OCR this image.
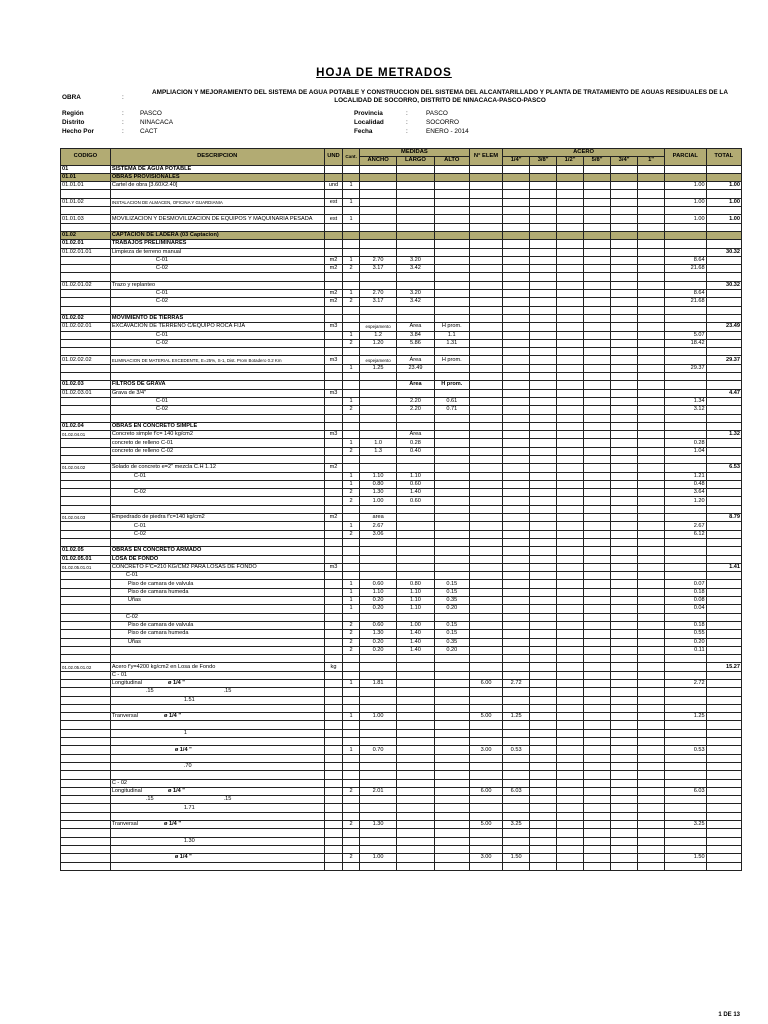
HOJA DE METRADOS
OBRA	:
AMPLIACION Y MEJORAMIENTO DEL SISTEMA DE AGUA POTABLE Y CONSTRUCCION DEL SISTEMA DEL ALCANTARILLADO Y PLANTA DE TRATAMIENTO DE AGUAS RESIDUALES DE LA LOCALIDAD DE SOCORRO, DISTRITO DE NINACACA-PASCO-PASCO
Región	:	PASCO
Distrito	:	NINACACA
Hecho Por	:	CACT
Provincia	:	PASCO
Localidad	:	SOCORRO
Fecha	:	ENERO - 2014
CODIGO	DESCRIPCION	UND	Cant.	MEDIDAS			N° ELEM	ACERO						PARCIAL	TOTAL
				ANCHO	LARGO	ALTO		1/4"	3/8"	1/2"	5/8"	3/4"	1"		
01	SISTEMA DE AGUA POTABLE														
01.01	OBRAS PROVISIONALES														
01.01.01	Cartel de obra [3.60X2.40]	und	1											1.00	1.00

01.01.02	INSTALACION DE ALMACEN, OFICINA Y GUARDIANIA	est	1											1.00	1.00

01.01.03	MOVILIZACION Y DESMOVILIZACION DE EQUIPOS Y MAQUINARIA PESADA	est	1											1.00	1.00

01.02	CAPTACION DE LADERA (03 Captacion)														
01.02.01	TRABAJOS PRELIMINARES														
01.02.01.01	Limpieza de terreno manual														30.32
	C-01	m2	1	2.70	3.20									8.64	
	C-02	m2	2	3.17	3.42									21.68	

01.02.01.02	Trazo y replanteo														30.32
	C-01	m2	1	2.70	3.20									8.64	
	C-02	m2	2	3.17	3.42									21.68	

01.02.02	MOVIMIENTO DE TIERRAS														
01.02.02.01	EXCAVACIÓN DE TERRENO C/EQUIPO ROCA FIJA	m3		espejamento	Área	H prom.									23.49
	C-01		1	1.2	3.84	1.1								5.07	
	C-02		2	1.20	5.86	1.31								18.42	

01.02.02.02	ELIMINACION DE MATERIAL EXCEDENTE, E=25%, S-1, Dist. Prom Botadero 0.2 Km	m3		espejamento	Área	H prom.									29.37
			1	1.25	23.49									29.37	

01.02.03	FILTROS DE GRAVA				Área	H prom.									
01.02.03.01	Grava de 3/4"	m3													4.47
	C-01		1		2.20	0.61								1.34	
	C-02		2		2.20	0.71								3.12	

01.02.04	OBRAS EN CONCRETO SIMPLE														
01.02.04.01	Concreto simple f'c= 140 kg/cm2	m3			Área										1.32
	concreto de relleno C-01		1	1.0	0.28									0.28	
	concreto de relleno C-02		2	1.3	0.40									1.04	

01.02.04.02	Solado de concreto e=2" mezcla C.H 1.12	m2													6.53
	C-01		1	1.10	1.10									1.21	
			1	0.80	0.60									0.48	
	C-02		2	1.30	1.40									3.64	
			2	1.00	0.60									1.20	

01.02.04.03	Empedrado de piedra f'c=140 kg/cm2	m2		area											8.79
	C-01		1	2.67										2.67	
	C-02		2	3.06										6.12	

01.02.05	OBRAS EN CONCRETO ARMADO														
01.02.05.01	LOSA DE FONDO														
01.02.05.01.01	CONCRETO F'C=210 KG/CM2 PARA LOSAS DE FONDO	m3													1.41
	C-01														
	Piso de camara de valvula		1	0.60	0.80	0.15								0.07	
	Piso de camara humeda		1	1.10	1.10	0.15								0.18	
	Uñas		1	0.20	1.10	0.35								0.08	
			1	0.20	1.10	0.20								0.04	
	C-02														
	Piso de camara de valvula		2	0.60	1.00	0.15								0.18	
	Piso de camara humeda		2	1.30	1.40	0.15								0.55	
	Uñas		2	0.20	1.40	0.35								0.20	
			2	0.20	1.40	0.20								0.11	

01.02.05.01.02	Acero f'y=4200 kg/cm2 en Losa de Fondo	kg													15.27
	C - 01														
	Longitudinal ø 1/4 "		1	1.81			6.00	2.72						2.72	
	.15 .15														
	1.51														

	Tranversal ø 1/4 "		1	1.00			5.00	1.25						1.25	

	1														

	ø 1/4 "		1	0.70			3.00	0.53						0.53	

	.70														

	C - 02														
	Longitudinal ø 1/4 "		2	2.01			6.00	6.03						6.03	
	.15 .15														
	1.71														

	Tranversal ø 1/4 "		2	1.30			5.00	3.25						3.25	

	1.30														

	ø 1/4 "		2	1.00			3.00	1.50						1.50	

1 DE 13
